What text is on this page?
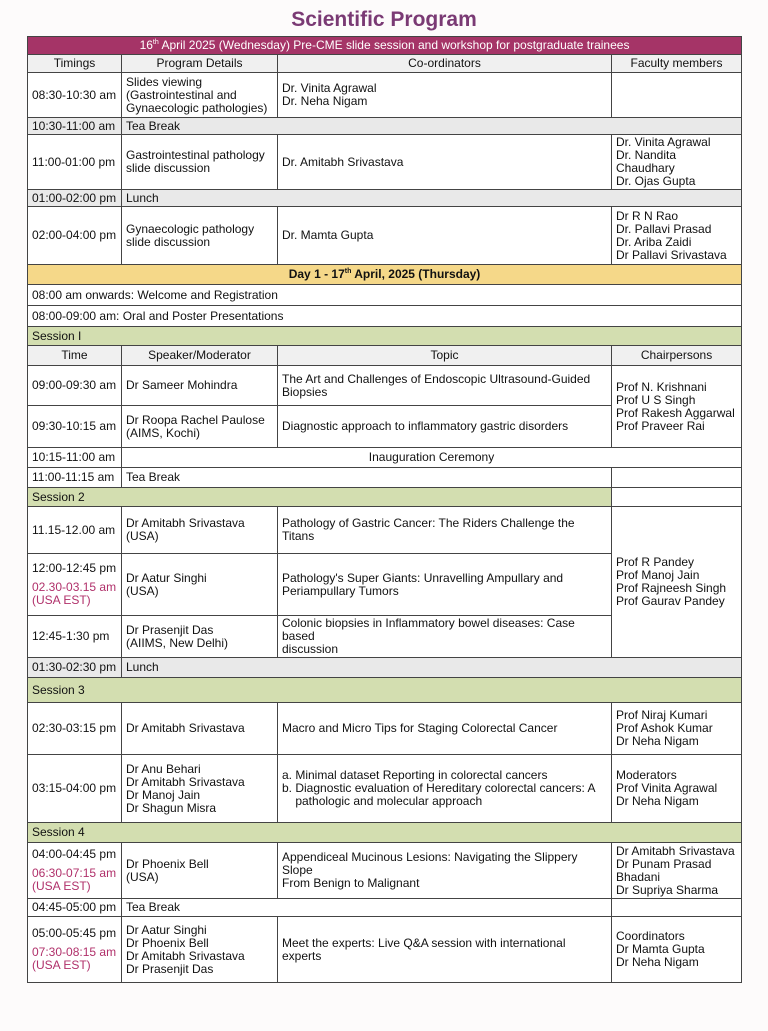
Scientific Program
16th April 2025 (Wednesday) Pre-CME slide session and workshop for postgraduate trainees			
Timings	Program Details	Co-ordinators	Faculty members
08:30-10:30 am	Slides viewing
(Gastrointestinal and
Gynaecologic pathologies)	Dr. Vinita Agrawal
Dr. Neha Nigam	

10:30-11:00 am	Tea Break		
11:00-01:00 pm	Gastrointestinal pathology
slide discussion	Dr. Amitabh Srivastava	Dr. Vinita Agrawal
Dr. Nandita Chaudhary
Dr. Ojas Gupta

01:00-02:00 pm	Lunch		
02:00-04:00 pm	Gynaecologic pathology
slide discussion	Dr. Mamta Gupta	Dr R N Rao
Dr. Pallavi Prasad
Dr. Ariba Zaidi
Dr Pallavi Srivastava

Day 1 - 17th April, 2025 (Thursday)			
08:00 am onwards: Welcome and Registration			
08:00-09:00 am: Oral and Poster Presentations			
Session I			
Time	Speaker/Moderator	Topic	Chairpersons
09:00-09:30 am	Dr Sameer Mohindra	The Art and Challenges of Endoscopic Ultrasound-Guided
Biopsies	Prof N. Krishnani
Prof U S Singh
Prof Rakesh Aggarwal
Prof Praveer Rai

09:30-10:15 am	Dr Roopa Rachel Paulose
(AIMS, Kochi)	Diagnostic approach to inflammatory gastric disorders	
10:15-11:00 am	Inauguration Ceremony		
11:00-11:15 am	Tea Break		
Session 2			
11.15-12.00 am	Dr Amitabh Srivastava
(USA)	Pathology of Gastric Cancer: The Riders Challenge the Titans	Prof R Pandey
Prof Manoj Jain
Prof Rajneesh Singh
Prof Gaurav Pandey

12:00-12:45 pm
02.30-03.15 am
(USA EST)	Dr Aatur Singhi
(USA)	Pathology's Super Giants: Unravelling Ampullary and
Periampullary Tumors	

12:45-1:30 pm	Dr Prasenjit Das
(AIIMS, New Delhi)	Colonic biopsies in Inflammatory bowel diseases: Case based
discussion	

01:30-02:30 pm	Lunch		
Session 3			
02:30-03:15 pm	Dr Amitabh Srivastava	Macro and Micro Tips for Staging Colorectal Cancer	Prof Niraj Kumari
Prof Ashok Kumar
Dr Neha Nigam

03:15-04:00 pm	Dr Anu Behari
Dr Amitabh Srivastava
Dr Manoj Jain
Dr Shagun Misra	a. Minimal dataset Reporting in colorectal cancers
b. Diagnostic evaluation of Hereditary colorectal cancers: A
pathologic and molecular approach	Moderators
Prof Vinita Agrawal
Dr Neha Nigam

Session 4			

04:00-04:45 pm
06:30-07:15 am
(USA EST)	Dr Phoenix Bell
(USA)	Appendiceal Mucinous Lesions: Navigating the Slippery Slope
From Benign to Malignant	Dr Amitabh Srivastava
Dr Punam Prasad
Bhadani
Dr Supriya Sharma

04:45-05:00 pm	Tea Break		

05:00-05:45 pm
07:30-08:15 am
(USA EST)	Dr Aatur Singhi
Dr Phoenix Bell
Dr Amitabh Srivastava
Dr Prasenjit Das	Meet the experts: Live Q&A session with international experts	Coordinators
Dr Mamta Gupta
Dr Neha Nigam
